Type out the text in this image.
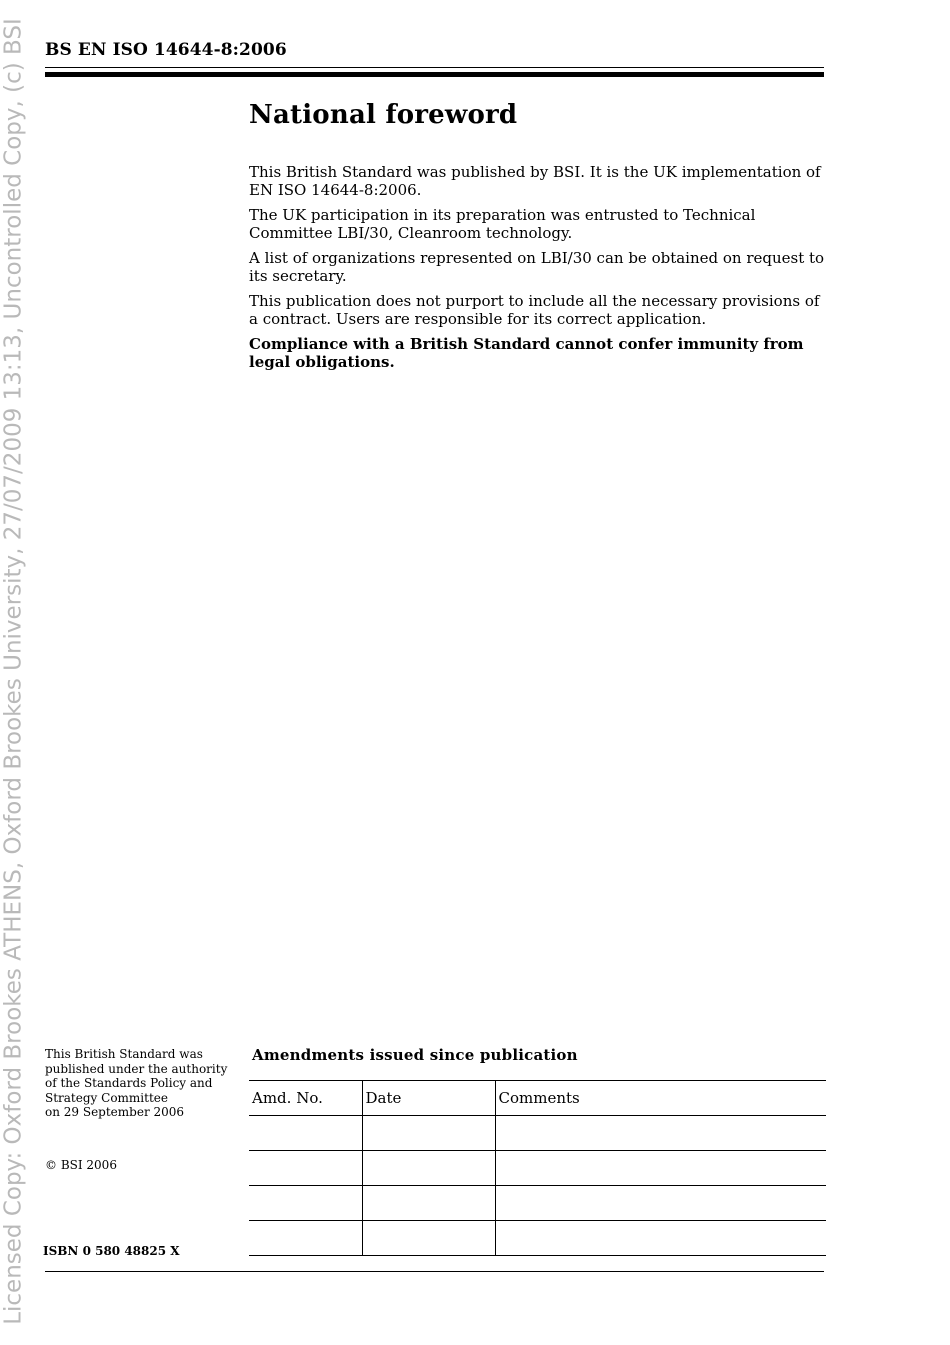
Licensed Copy: Oxford Brookes ATHENS, Oxford Brookes University, 27/07/2009 13:13, Uncontrolled Copy, (c) BSI BS EN ISO 14644-8:2006
National foreword

This British Standard was published by BSI. It is the UK implementation of EN ISO 14644-8:2006.

The UK participation in its preparation was entrusted to Technical Committee LBI/30, Cleanroom technology.

A list of organizations represented on LBI/30 can be obtained on request to its secretary.

This publication does not purport to include all the necessary provisions of a contract. Users are responsible for its correct application.

Compliance with a British Standard cannot confer immunity from legal obligations.

This British Standard was
published under the authority
of the Standards Policy and
Strategy Committee
on 29 September 2006
© BSI 2006
ISBN 0 580 48825 X
Amendments issued since publication
Amd. No.	Date	Comments
